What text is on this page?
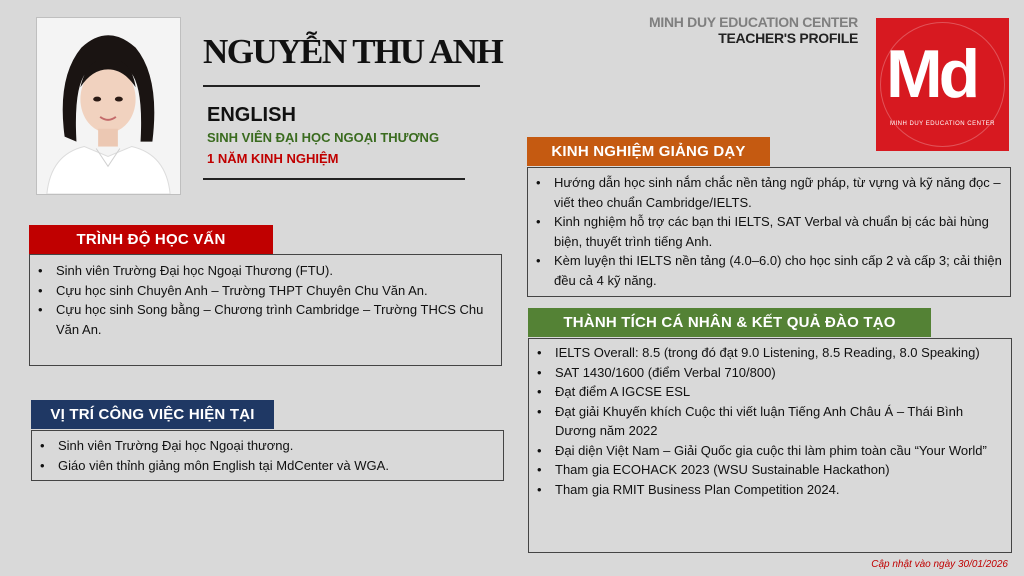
NGUYỄN THU ANH
ENGLISH
SINH VIÊN ĐẠI HỌC NGOẠI THƯƠNG
1 NĂM KINH NGHIỆM
MINH DUY EDUCATION CENTER
TEACHER'S PROFILE Md
MINH DUY EDUCATION CENTER
TRÌNH ĐỘ HỌC VẤN
• Sinh viên Trường Đại học Ngoại Thương (FTU).
• Cựu học sinh Chuyên Anh – Trường THPT Chuyên Chu Văn An.
• Cựu học sinh Song bằng – Chương trình Cambridge – Trường THCS Chu Văn An.
VỊ TRÍ CÔNG VIỆC HIỆN TẠI
• Sinh viên Trường Đại học Ngoại thương.
• Giáo viên thỉnh giảng môn English tại MdCenter và WGA.
KINH NGHIỆM GIẢNG DẠY
• Hướng dẫn học sinh nắm chắc nền tảng ngữ pháp, từ vựng và kỹ năng đọc – viết theo chuẩn Cambridge/IELTS.
• Kinh nghiệm hỗ trợ các bạn thi IELTS, SAT Verbal và chuẩn bị các bài hùng biện, thuyết trình tiếng Anh.
• Kèm luyện thi IELTS nền tảng (4.0–6.0) cho học sinh cấp 2 và cấp 3; cải thiện đều cả 4 kỹ năng.
THÀNH TÍCH CÁ NHÂN & KẾT QUẢ ĐÀO TẠO
• IELTS Overall: 8.5 (trong đó đạt 9.0 Listening, 8.5 Reading, 8.0 Speaking)
• SAT 1430/1600 (điểm Verbal 710/800)
• Đạt điểm A IGCSE ESL
• Đạt giải Khuyến khích Cuộc thi viết luận Tiếng Anh Châu Á – Thái Bình Dương năm 2022
• Đại diện Việt Nam – Giải Quốc gia cuộc thi làm phim toàn cầu “Your World”
• Tham gia ECOHACK 2023 (WSU Sustainable Hackathon)
• Tham gia RMIT Business Plan Competition 2024.
Cập nhật vào ngày 30/01/2026
